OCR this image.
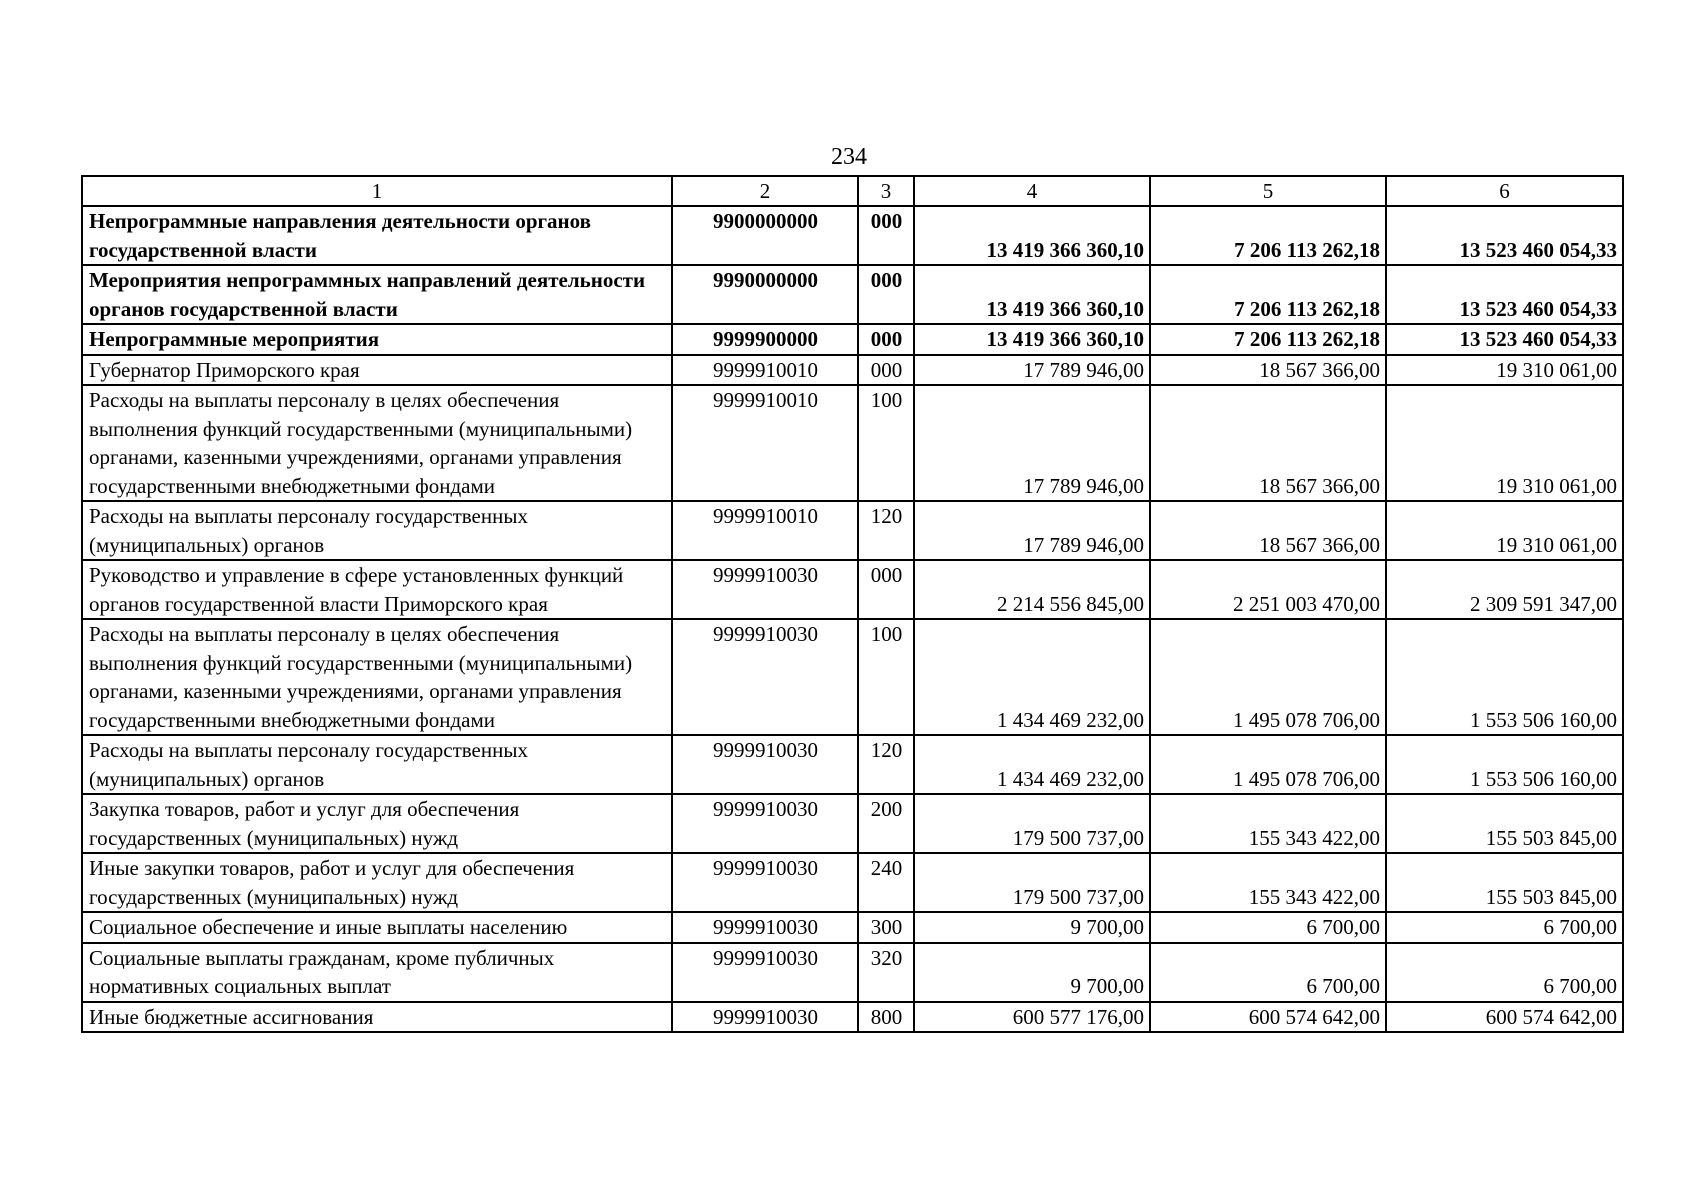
234
1	2	3	4	5	6
Непрограммные направления деятельности органов государственной власти	9900000000	000	13 419 366 360,10	7 206 113 262,18	13 523 460 054,33
Мероприятия непрограммных направлений деятельности органов государственной власти	9990000000	000	13 419 366 360,10	7 206 113 262,18	13 523 460 054,33
Непрограммные мероприятия	9999900000	000	13 419 366 360,10	7 206 113 262,18	13 523 460 054,33
Губернатор Приморского края	9999910010	000	17 789 946,00	18 567 366,00	19 310 061,00
Расходы на выплаты персоналу в целях обеспечения выполнения функций государственными (муниципальными) органами, казенными учреждениями, органами управления государственными внебюджетными фондами	9999910010	100	17 789 946,00	18 567 366,00	19 310 061,00
Расходы на выплаты персоналу государственных (муниципальных) органов	9999910010	120	17 789 946,00	18 567 366,00	19 310 061,00
Руководство и управление в сфере установленных функций органов государственной власти Приморского края	9999910030	000	2 214 556 845,00	2 251 003 470,00	2 309 591 347,00
Расходы на выплаты персоналу в целях обеспечения выполнения функций государственными (муниципальными) органами, казенными учреждениями, органами управления государственными внебюджетными фондами	9999910030	100	1 434 469 232,00	1 495 078 706,00	1 553 506 160,00
Расходы на выплаты персоналу государственных (муниципальных) органов	9999910030	120	1 434 469 232,00	1 495 078 706,00	1 553 506 160,00
Закупка товаров, работ и услуг для обеспечения государственных (муниципальных) нужд	9999910030	200	179 500 737,00	155 343 422,00	155 503 845,00
Иные закупки товаров, работ и услуг для обеспечения государственных (муниципальных) нужд	9999910030	240	179 500 737,00	155 343 422,00	155 503 845,00
Социальное обеспечение и иные выплаты населению	9999910030	300	9 700,00	6 700,00	6 700,00
Социальные выплаты гражданам, кроме публичных нормативных социальных выплат	9999910030	320	9 700,00	6 700,00	6 700,00
Иные бюджетные ассигнования	9999910030	800	600 577 176,00	600 574 642,00	600 574 642,00
